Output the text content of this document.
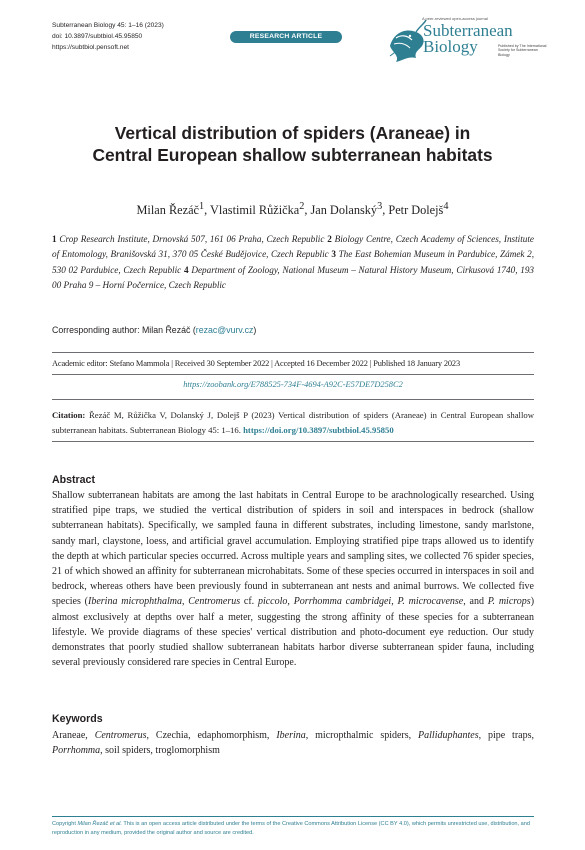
Subterranean Biology 45: 1–16 (2023)
doi: 10.3897/subtbiol.45.95850
https://subtbiol.pensoft.net
RESEARCH ARTICLE
A peer-reviewed open-access journal
Subterranean
Biology	Published by The International Society for Subterranean Biology
Vertical distribution of spiders (Araneae) in
Central European shallow subterranean habitats
Milan Řezáč$^1$, Vlastimil Růžička$^2$, Jan Dolanský$^3$, Petr Dolejš$^4$
1 Crop Research Institute, Drnovská 507, 161 06 Praha, Czech Republic 2 Biology Centre, Czech Academy of Sciences, Institute of Entomology, Branišovská 31, 370 05 České Budějovice, Czech Republic 3 The East Bohemian Museum in Pardubice, Zámek 2, 530 02 Pardubice, Czech Republic 4 Department of Zoology, National Museum – Natural History Museum, Cirkusová 1740, 193 00 Praha 9 – Horní Počernice, Czech Republic
Corresponding author: Milan Řezáč (rezac@vurv.cz)
Academic editor: Stefano Mammola | Received 30 September 2022 | Accepted 16 December 2022 | Published 18 January 2023
https://zoobank.org/E788525-734F-4694-A92C-E57DE7D258C2
Citation: Řezáč M, Růžička V, Dolanský J, Dolejš P (2023) Vertical distribution of spiders (Araneae) in Central European shallow subterranean habitats. Subterranean Biology 45: 1–16. https://doi.org/10.3897/subtbiol.45.95850
Abstract
Shallow subterranean habitats are among the last habitats in Central Europe to be arachnologically researched. Using stratified pipe traps, we studied the vertical distribution of spiders in soil and interspaces in bedrock (shallow subterranean habitats). Specifically, we sampled fauna in different substrates, including limestone, sandy marlstone, sandy marl, claystone, loess, and artificial gravel accumulation. Employing stratified pipe traps allowed us to identify the depth at which particular species occurred. Across multiple years and sampling sites, we collected 76 spider species, 21 of which showed an affinity for subterranean microhabitats. Some of these species occurred in interspaces in soil and bedrock, whereas others have been previously found in subterranean ant nests and animal burrows. We collected five species (Iberina microphthalma, Centromerus cf. piccolo, Porrhomma cambridgei, P. microcavense, and P. microps) almost exclusively at depths over half a meter, suggesting the strong affinity of these species for a subterranean lifestyle. We provide diagrams of these species' vertical distribution and photo-document eye reduction. Our study demonstrates that poorly studied shallow subterranean habitats harbor diverse subterranean spider fauna, including several previously considered rare species in Central Europe.
Keywords
Araneae, Centromerus, Czechia, edaphomorphism, Iberina, micropthalmic spiders, Palliduphantes, pipe traps, Porrhomma, soil spiders, troglomorphism
Copyright Milan Řezáč et al. This is an open access article distributed under the terms of the Creative Commons Attribution License (CC BY 4.0), which permits unrestricted use, distribution, and reproduction in any medium, provided the original author and source are credited.
